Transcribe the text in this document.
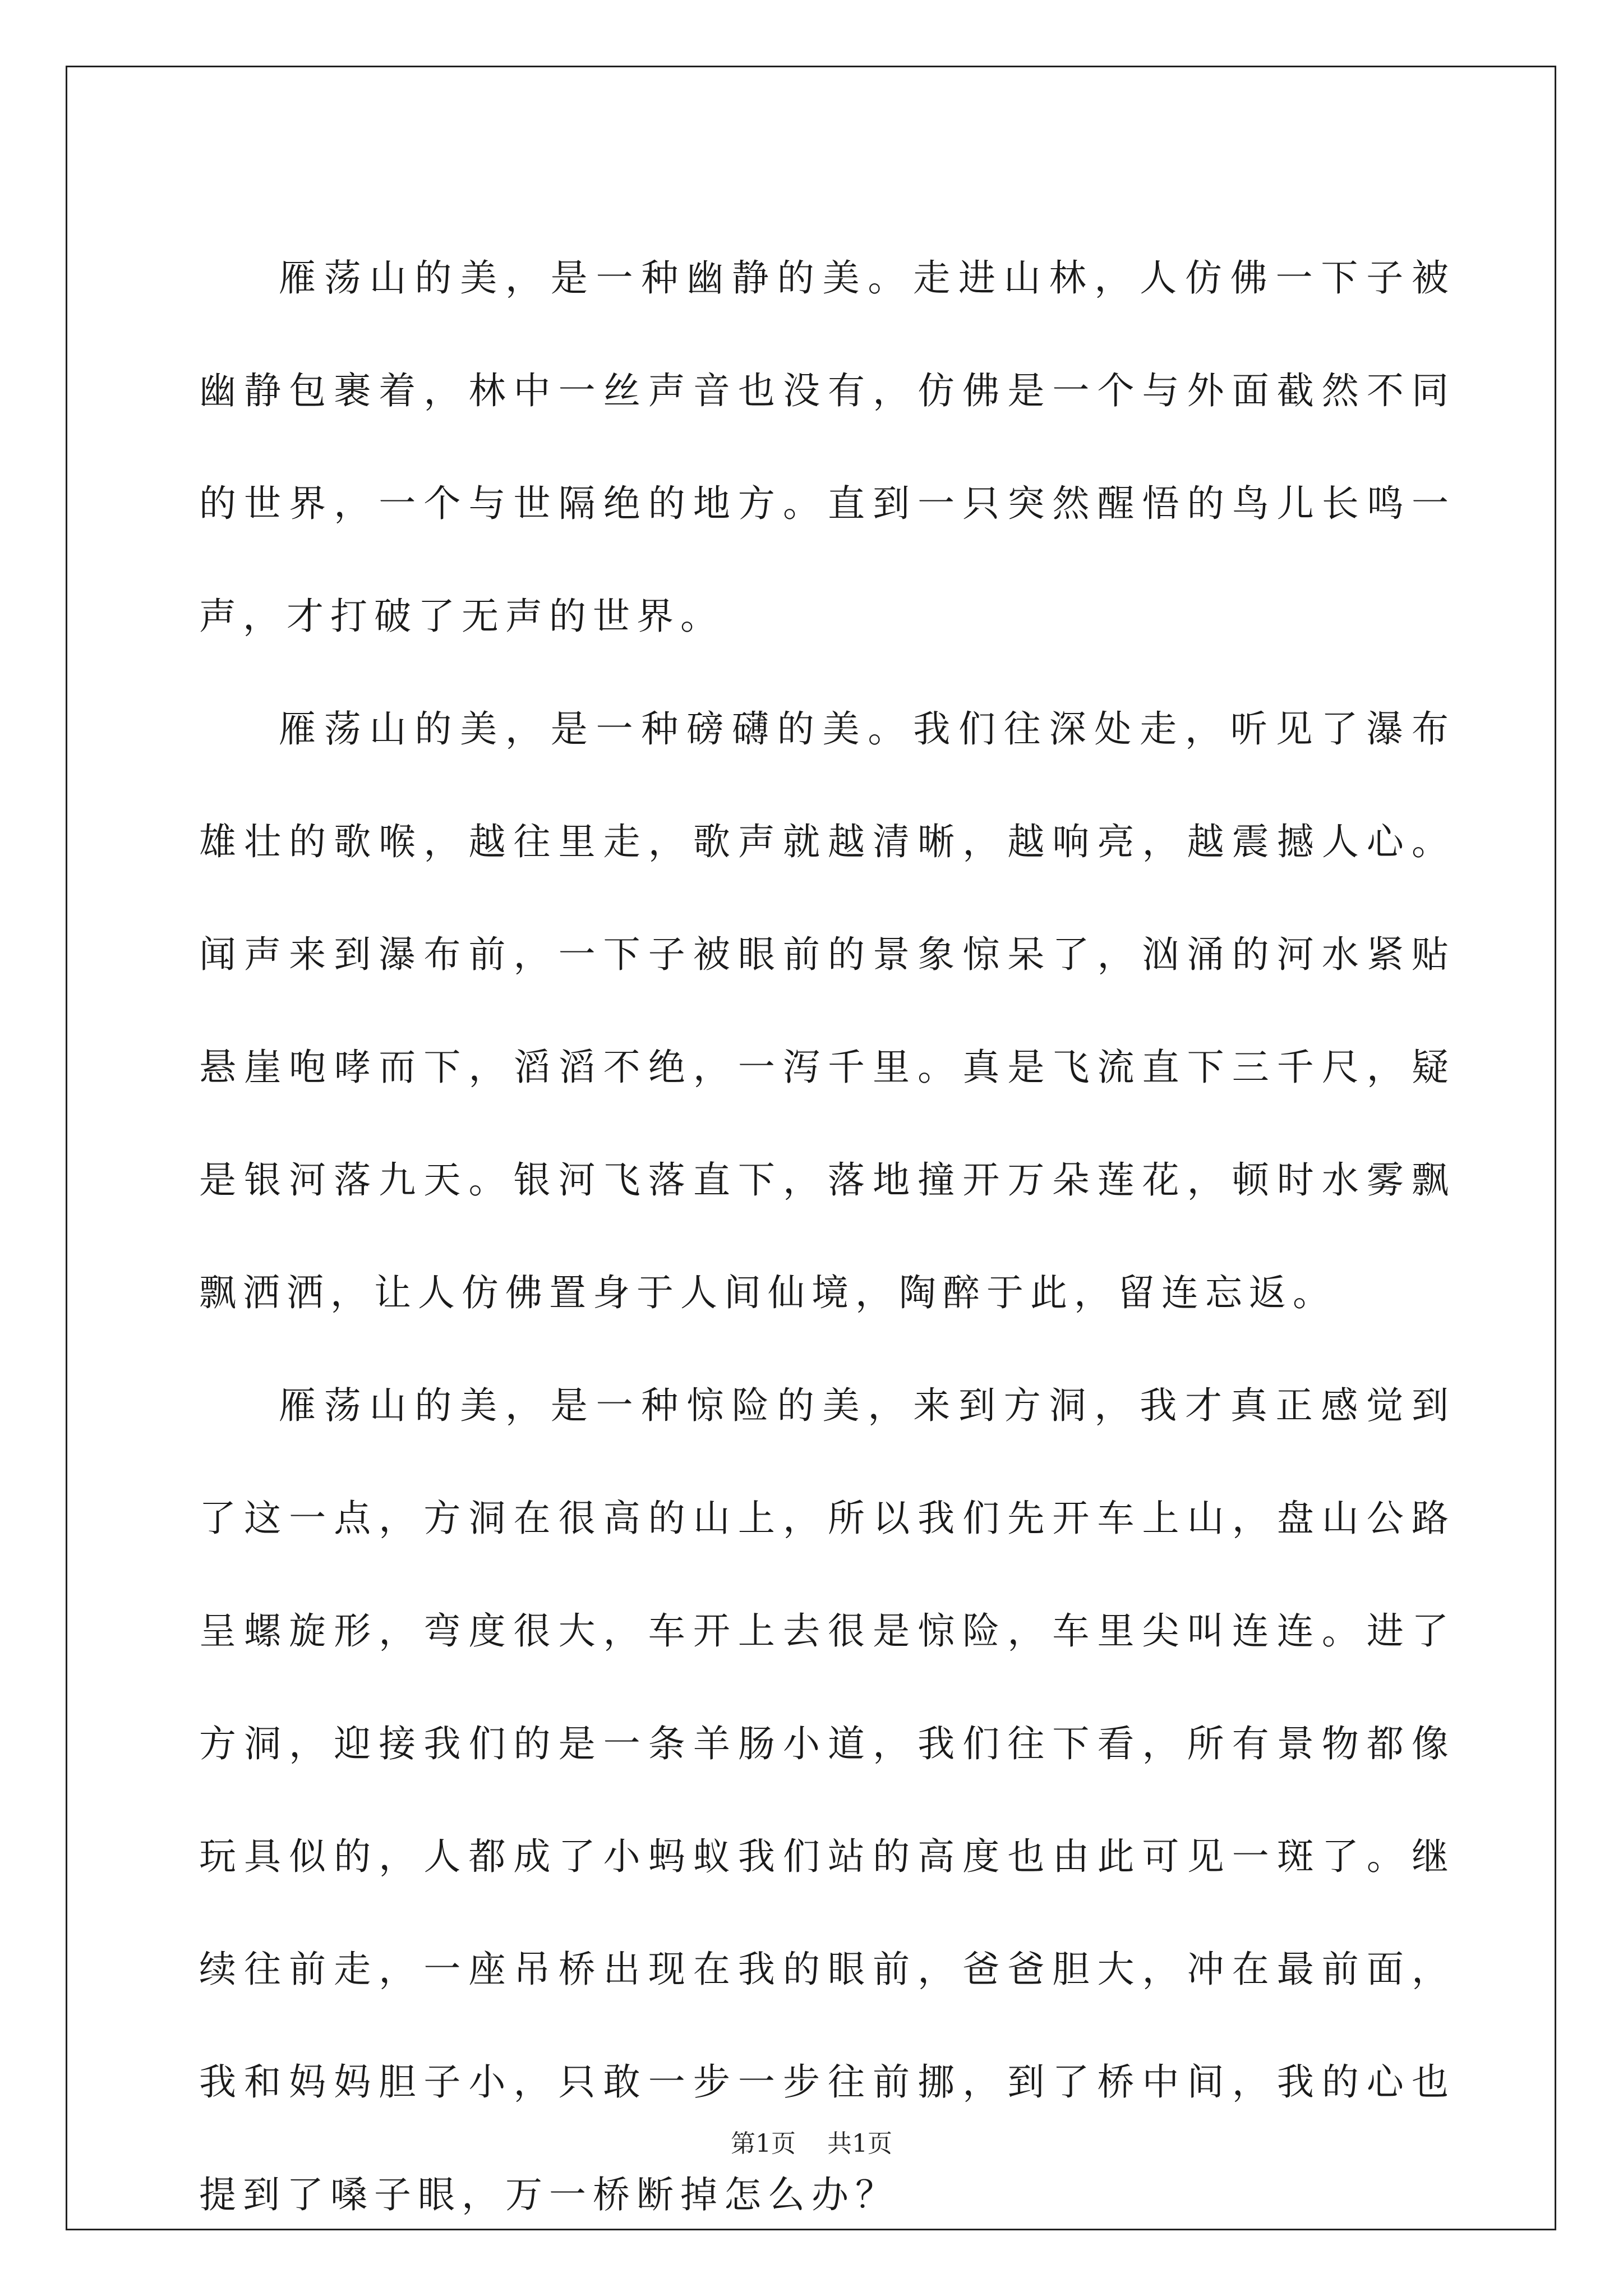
雁荡山的美，是一种幽静的美。走进山林，人仿佛一下子被幽静包裹着，林中一丝声音也没有，仿佛是一个与外面截然不同的世界，一个与世隔绝的地方。直到一只突然醒悟的鸟儿长鸣一声，才打破了无声的世界。

雁荡山的美，是一种磅礴的美。我们往深处走，听见了瀑布雄壮的歌喉，越往里走，歌声就越清晰，越响亮，越震撼人心。闻声来到瀑布前，一下子被眼前的景象惊呆了，汹涌的河水紧贴悬崖咆哮而下，滔滔不绝，一泻千里。真是飞流直下三千尺，疑是银河落九天。银河飞落直下，落地撞开万朵莲花，顿时水雾飘飘洒洒，让人仿佛置身于人间仙境，陶醉于此，留连忘返。

雁荡山的美，是一种惊险的美，来到方洞，我才真正感觉到了这一点，方洞在很高的山上，所以我们先开车上山，盘山公路呈螺旋形，弯度很大，车开上去很是惊险，车里尖叫连连。进了方洞，迎接我们的是一条羊肠小道，我们往下看，所有景物都像玩具似的，人都成了小蚂蚁我们站的高度也由此可见一斑了。继续往前走，一座吊桥出现在我的眼前，爸爸胆大，冲在最前面，我和妈妈胆子小，只敢一步一步往前挪，到了桥中间，我的心也提到了嗓子眼，万一桥断掉怎么办？

第1页 共1页
